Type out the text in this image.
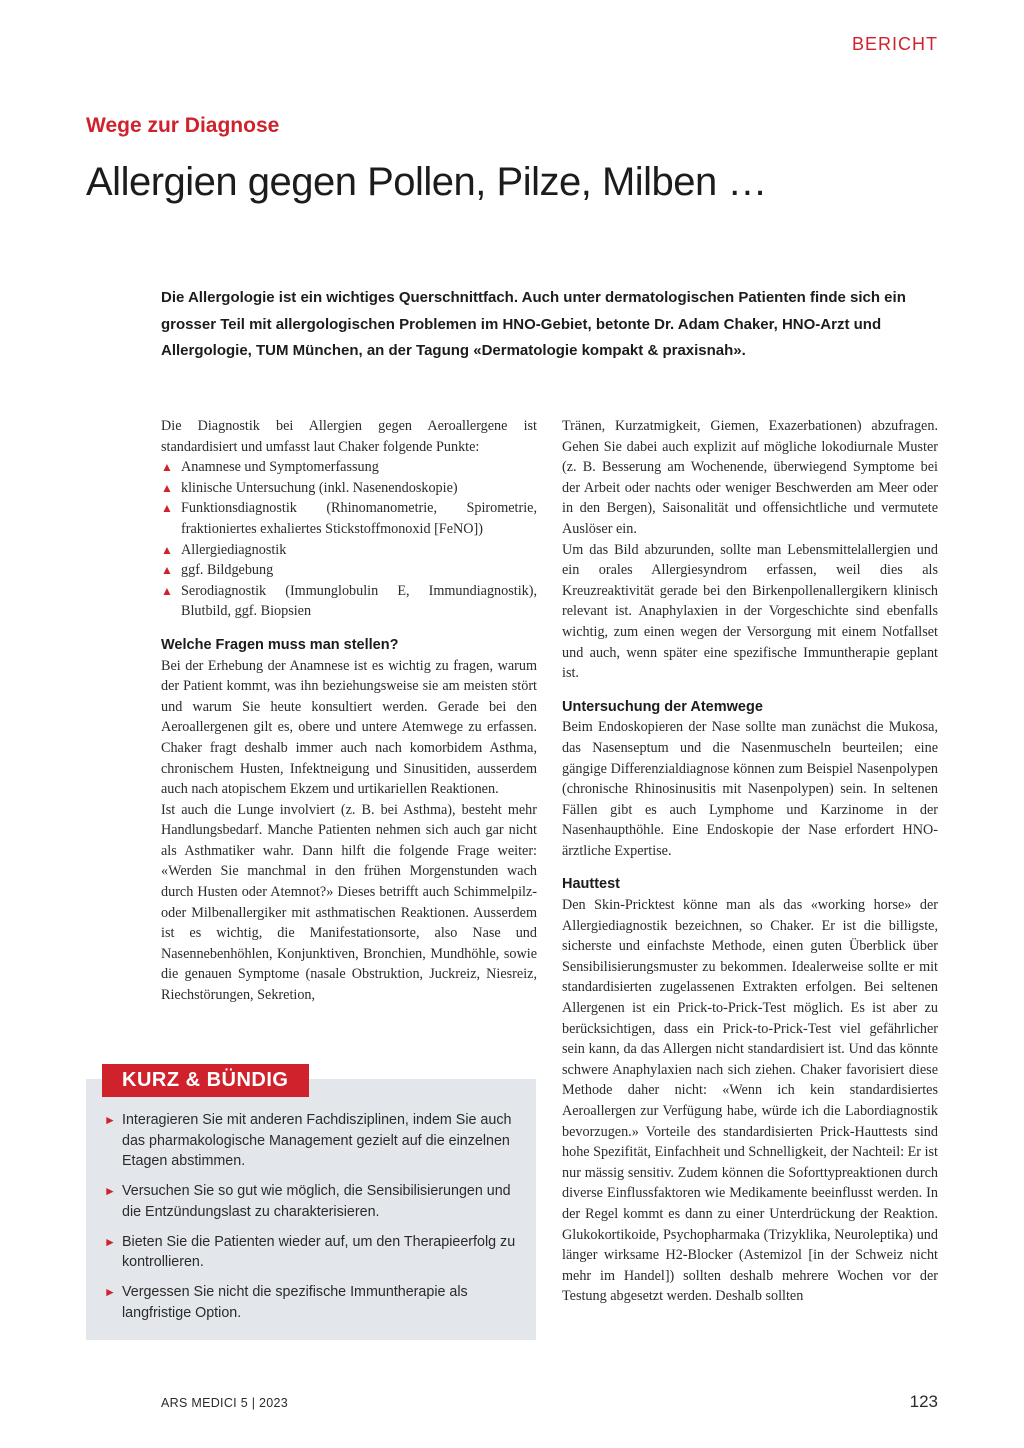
BERICHT
Wege zur Diagnose
Allergien gegen Pollen, Pilze, Milben …

Die Allergologie ist ein wichtiges Querschnittfach. Auch unter dermatologischen Patienten finde sich ein grosser Teil mit allergologischen Problemen im HNO-Gebiet, betonte Dr. Adam Chaker, HNO-Arzt und Allergologie, TUM München, an der Tagung «Dermatologie kompakt & praxisnah».

Die Diagnostik bei Allergien gegen Aeroallergene ist standardisiert und umfasst laut Chaker folgende Punkte:

▲ Anamnese und Symptomerfassung
▲ klinische Untersuchung (inkl. Nasenendoskopie)
▲ Funktionsdiagnostik (Rhinomanometrie, Spirometrie, fraktioniertes exhaliertes Stickstoffmonoxid [FeNO])
▲ Allergiediagnostik
▲ ggf. Bildgebung
▲ Serodiagnostik (Immunglobulin E, Immundiagnostik), Blutbild, ggf. Biopsien
Welche Fragen muss man stellen?

Bei der Erhebung der Anamnese ist es wichtig zu fragen, warum der Patient kommt, was ihn beziehungsweise sie am meisten stört und warum Sie heute konsultiert werden. Gerade bei den Aeroallergenen gilt es, obere und untere Atemwege zu erfassen. Chaker fragt deshalb immer auch nach komorbidem Asthma, chronischem Husten, Infektneigung und Sinusitiden, ausserdem auch nach atopischem Ekzem und urtikariellen Reaktionen.

Ist auch die Lunge involviert (z. B. bei Asthma), besteht mehr Handlungsbedarf. Manche Patienten nehmen sich auch gar nicht als Asthmatiker wahr. Dann hilft die folgende Frage weiter: «Werden Sie manchmal in den frühen Morgenstunden wach durch Husten oder Atemnot?» Dieses betrifft auch Schimmelpilz- oder Milbenallergiker mit asthmatischen Reaktionen. Ausserdem ist es wichtig, die Manifestationsorte, also Nase und Nasennebenhöhlen, Konjunktiven, Bronchien, Mundhöhle, sowie die genauen Symptome (nasale Obstruktion, Juckreiz, Niesreiz, Riechstörungen, Sekretion,

Tränen, Kurzatmigkeit, Giemen, Exazerbationen) abzufragen. Gehen Sie dabei auch explizit auf mögliche lokodiurnale Muster (z. B. Besserung am Wochenende, überwiegend Symptome bei der Arbeit oder nachts oder weniger Beschwerden am Meer oder in den Bergen), Saisonalität und offensichtliche und vermutete Auslöser ein.

Um das Bild abzurunden, sollte man Lebensmittelallergien und ein orales Allergiesyndrom erfassen, weil dies als Kreuzreaktivität gerade bei den Birkenpollenallergikern klinisch relevant ist. Anaphylaxien in der Vorgeschichte sind ebenfalls wichtig, zum einen wegen der Versorgung mit einem Notfallset und auch, wenn später eine spezifische Immuntherapie geplant ist.

Untersuchung der Atemwege

Beim Endoskopieren der Nase sollte man zunächst die Mukosa, das Nasenseptum und die Nasenmuscheln beurteilen; eine gängige Differenzialdiagnose können zum Beispiel Nasenpolypen (chronische Rhinosinusitis mit Nasenpolypen) sein. In seltenen Fällen gibt es auch Lymphome und Karzinome in der Nasenhaupthöhle. Eine Endoskopie der Nase erfordert HNO-ärztliche Expertise.

Hauttest

Den Skin-Pricktest könne man als das «working horse» der Allergiediagnostik bezeichnen, so Chaker. Er ist die billigste, sicherste und einfachste Methode, einen guten Überblick über Sensibilisierungsmuster zu bekommen. Idealerweise sollte er mit standardisierten zugelassenen Extrakten erfolgen. Bei seltenen Allergenen ist ein Prick-to-Prick-Test möglich. Es ist aber zu berücksichtigen, dass ein Prick-to-Prick-Test viel gefährlicher sein kann, da das Allergen nicht standardisiert ist. Und das könnte schwere Anaphylaxien nach sich ziehen. Chaker favorisiert diese Methode daher nicht: «Wenn ich kein standardisiertes Aeroallergen zur Verfügung habe, würde ich die Labordiagnostik bevorzugen.» Vorteile des standardisierten Prick-Hauttests sind hohe Spezifität, Einfachheit und Schnelligkeit, der Nachteil: Er ist nur mässig sensitiv. Zudem können die Soforttypreaktionen durch diverse Einflussfaktoren wie Medikamente beeinflusst werden. In der Regel kommt es dann zu einer Unterdrückung der Reaktion. Glukokortikoide, Psychopharmaka (Trizyklika, Neuroleptika) und länger wirksame H2-Blocker (Astemizol [in der Schweiz nicht mehr im Handel]) sollten deshalb mehrere Wochen vor der Testung abgesetzt werden. Deshalb sollten

KURZ & BÜNDIG
► Interagieren Sie mit anderen Fachdisziplinen, indem Sie auch das pharmakologische Management gezielt auf die einzelnen Etagen abstimmen.
► Versuchen Sie so gut wie möglich, die Sensibilisierungen und die Entzündungslast zu charakterisieren.
► Bieten Sie die Patienten wieder auf, um den Therapieerfolg zu kontrollieren.
► Vergessen Sie nicht die spezifische Immuntherapie als langfristige Option.
ARS MEDICI 5 | 2023	123
